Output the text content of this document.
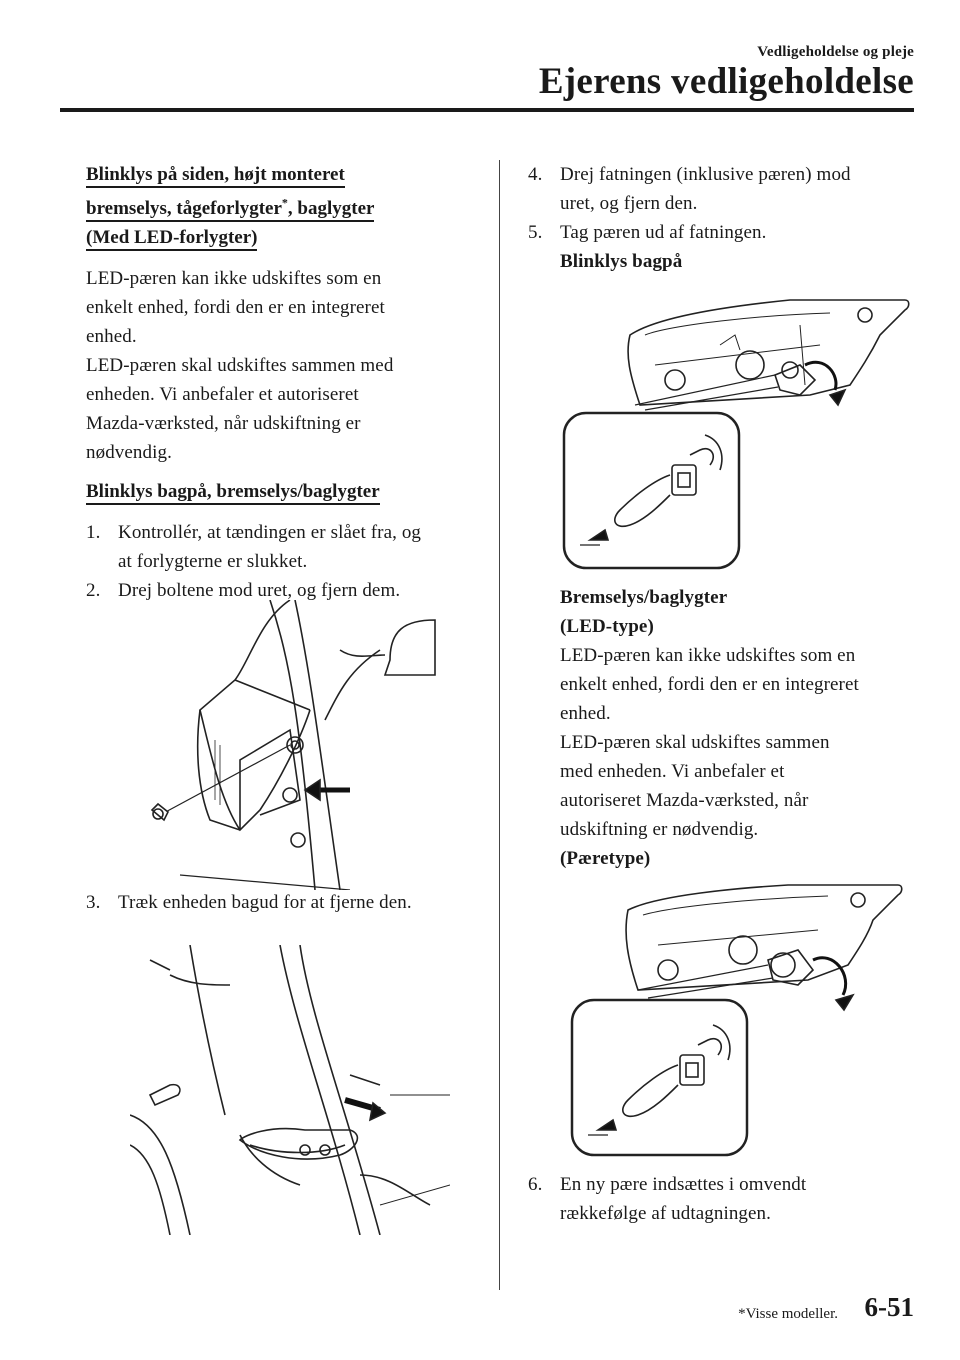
Vedligeholdelse og pleje
Ejerens vedligeholdelse
Blinklys på siden, højt monteret
bremselys, tågeforlygter*, baglygter
(Med LED-forlygter)
LED-pæren kan ikke udskiftes som en
enkelt enhed, fordi den er en integreret
enhed.
LED-pæren skal udskiftes sammen med
enheden. Vi anbefaler et autoriseret
Mazda-værksted, når udskiftning er
nødvendig.
Blinklys bagpå, bremselys/baglygter
1. Kontrollér, at tændingen er slået fra, og
at forlygterne er slukket.
2. Drej boltene mod uret, og fjern dem.
3. Træk enheden bagud for at fjerne den.
4. Drej fatningen (inklusive pæren) mod
uret, og fjern den.
5. Tag pæren ud af fatningen.
Blinklys bagpå
Bremselys/baglygter
(LED-type)
LED-pæren kan ikke udskiftes som en
enkelt enhed, fordi den er en integreret
enhed.
LED-pæren skal udskiftes sammen
med enheden. Vi anbefaler et
autoriseret Mazda-værksted, når
udskiftning er nødvendig.
(Pæretype)
6. En ny pære indsættes i omvendt
rækkefølge af udtagningen.
*Visse modeller. 6-51
